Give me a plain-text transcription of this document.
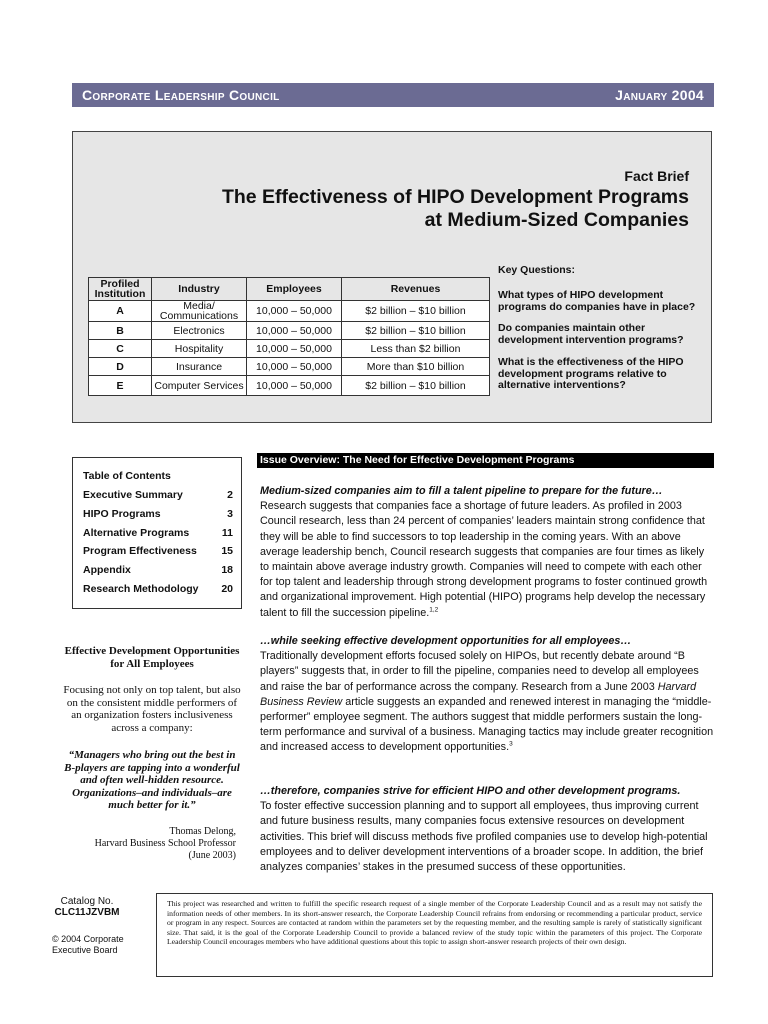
Corporate Leadership Council	January 2004
Fact Brief
The Effectiveness of HIPO Development Programs
at Medium-Sized Companies
Profiled Institution	Industry	Employees	Revenues
A	Media/ Communications	10,000 – 50,000	$2 billion – $10 billion
B	Electronics	10,000 – 50,000	$2 billion – $10 billion
C	Hospitality	10,000 – 50,000	Less than $2 billion
D	Insurance	10,000 – 50,000	More than $10 billion
E	Computer Services	10,000 – 50,000	$2 billion – $10 billion
Key Questions:
What types of HIPO development programs do companies have in place?
Do companies maintain other development intervention programs?
What is the effectiveness of the HIPO development programs relative to alternative interventions?
Table of Contents
Executive Summary	2
HIPO Programs	3
Alternative Programs	11
Program Effectiveness 15
Appendix	18
Research Methodology 20
Effective Development Opportunities for All Employees
Focusing not only on top talent, but also on the consistent middle performers of an organization fosters inclusiveness across a company:
“Managers who bring out the best in B-players are tapping into a wonderful and often well-hidden resource. Organizations–and individuals–are much better for it.”
Thomas Delong,
Harvard Business School Professor
(June 2003)
Catalog No.
CLC11JZVBM
© 2004 Corporate
Executive Board
Issue Overview: The Need for Effective Development Programs
Medium-sized companies aim to fill a talent pipeline to prepare for the future…
Research suggests that companies face a shortage of future leaders. As profiled in 2003 Council research, less than 24 percent of companies’ leaders maintain strong confidence that they will be able to find successors to top leadership in the coming years. With an above average leadership bench, Council research suggests that companies are four times as likely to maintain above average industry growth. Companies will need to compete with each other for top talent and leadership through strong development programs to foster continued growth and organizational improvement. High potential (HIPO) programs help develop the necessary talent to fill the succession pipeline.$^{1,2}$
…while seeking effective development opportunities for all employees…
Traditionally development efforts focused solely on HIPOs, but recently debate around “B players” suggests that, in order to fill the pipeline, companies need to develop all employees and raise the bar of performance across the company. Research from a June 2003 Harvard Business Review article suggests an expanded and renewed interest in managing the “middle-performer” employee segment. The authors suggest that middle performers sustain the long-term performance and survival of a business. Managing tactics may include greater recognition and increased access to development opportunities.$^3$
…therefore, companies strive for efficient HIPO and other development programs.
To foster effective succession planning and to support all employees, thus improving current and future business results, many companies focus extensive resources on development activities. This brief will discuss methods five profiled companies use to develop high-potential employees and to deliver development interventions of a broader scope. In addition, the brief analyzes companies’ stakes in the presumed success of these opportunities.
This project was researched and written to fulfill the specific research request of a single member of the Corporate Leadership Council and as a result may not satisfy the information needs of other members. In its short-answer research, the Corporate Leadership Council refrains from endorsing or recommending a particular product, service or program in any respect. Sources are contacted at random within the parameters set by the requesting member, and the resulting sample is rarely of statistically significant size. That said, it is the goal of the Corporate Leadership Council to provide a balanced review of the study topic within the parameters of this project. The Corporate Leadership Council encourages members who have additional questions about this topic to assign short-answer research projects of their own design.
